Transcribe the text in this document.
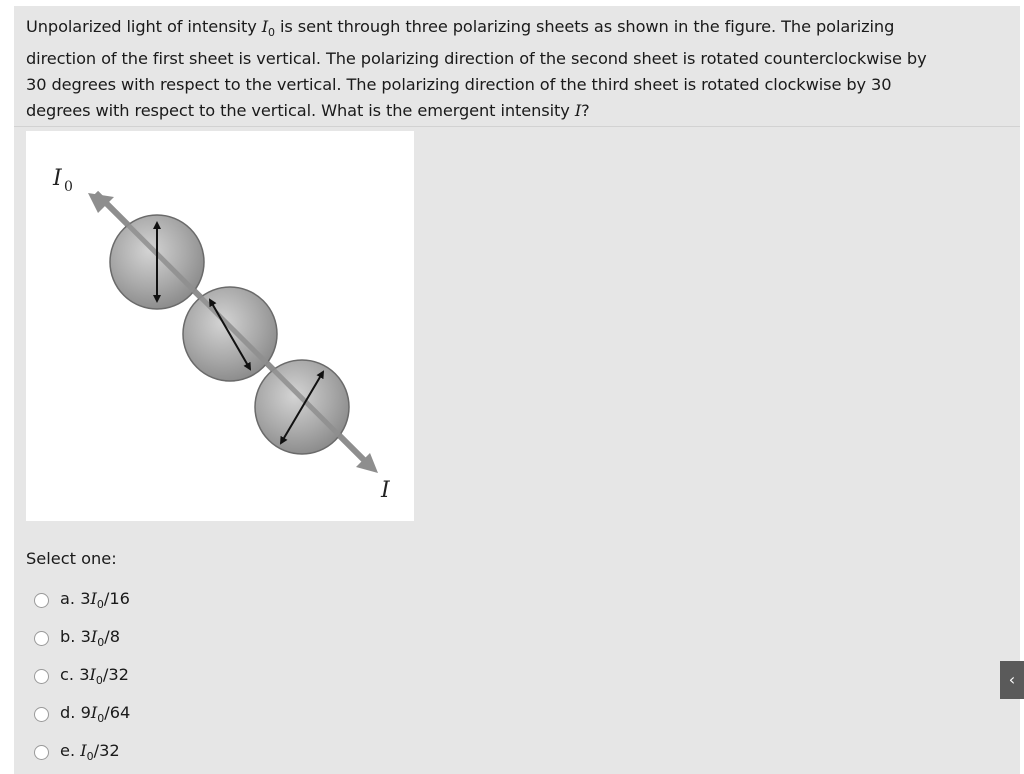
Unpolarized light of intensity $I_0$ is sent through three polarizing sheets as shown in the figure. The polarizing

direction of the first sheet is vertical. The polarizing direction of the second sheet is rotated counterclockwise by

30 degrees with respect to the vertical. The polarizing direction of the third sheet is rotated clockwise by 30

degrees with respect to the vertical. What is the emergent intensity I?

I 0
I
Select one:
a. $3I_0/16$
b. $3I_0/8$
c. $3I_0/32$
d. $9I_0/64$
e. $I_0/32$
‹
